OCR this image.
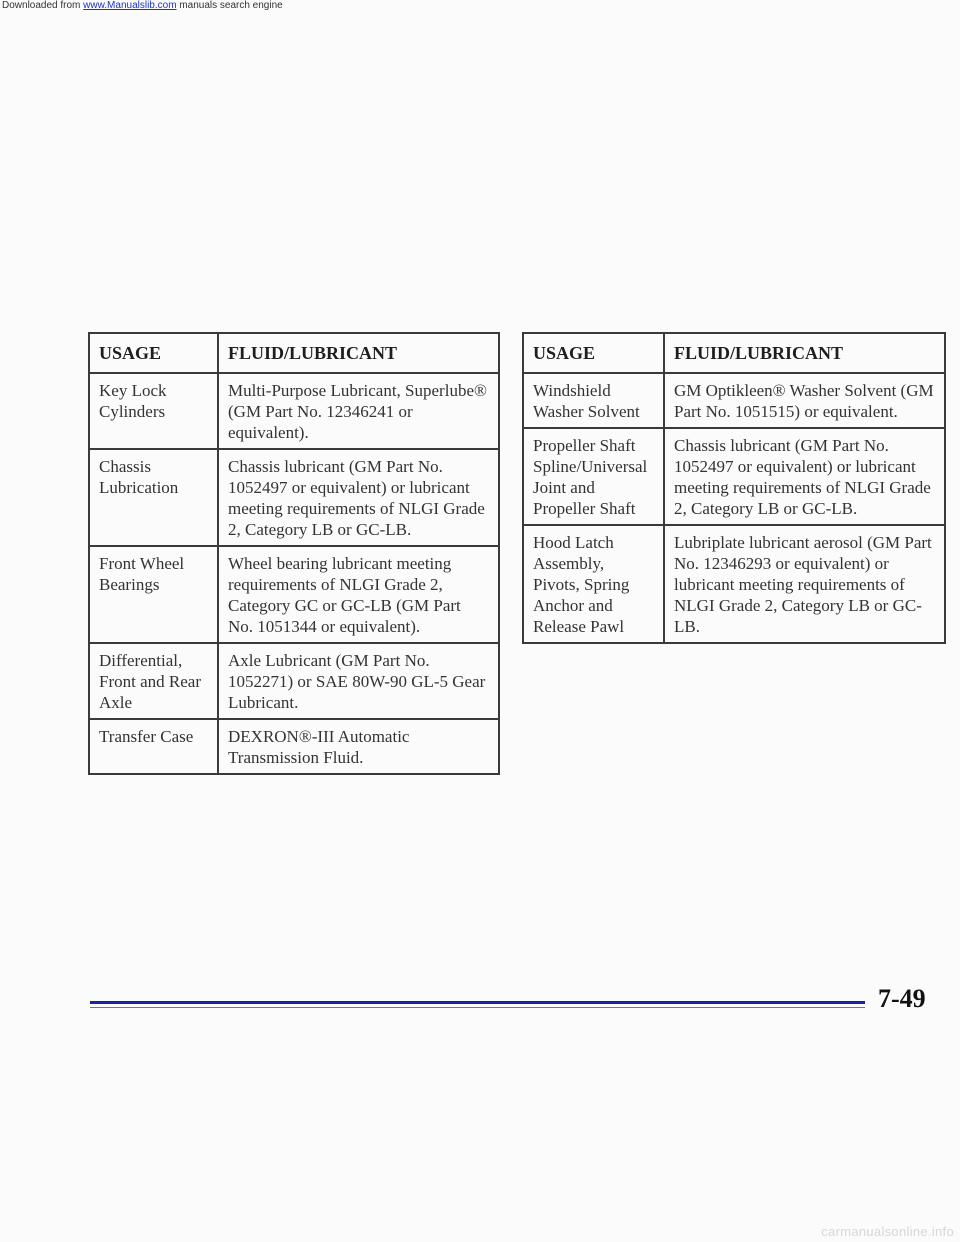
Downloaded from www.Manualslib.com manuals search engine
USAGE	FLUID/LUBRICANT
Key Lock Cylinders	Multi-Purpose Lubricant, Superlube® (GM Part No. 12346241 or equivalent).
Chassis Lubrication	Chassis lubricant (GM Part No. 1052497 or equivalent) or lubricant meeting requirements of NLGI Grade 2, Category LB or GC-LB.
Front Wheel Bearings	Wheel bearing lubricant meeting requirements of NLGI Grade 2, Category GC or GC-LB (GM Part No. 1051344 or equivalent).
Differential, Front and Rear Axle	Axle Lubricant (GM Part No. 1052271) or SAE 80W-90 GL-5 Gear Lubricant.
Transfer Case	DEXRON®-III Automatic Transmission Fluid.
USAGE	FLUID/LUBRICANT
Windshield Washer Solvent	GM Optikleen® Washer Solvent (GM Part No. 1051515) or equivalent.
Propeller Shaft Spline/Universal Joint and Propeller Shaft	Chassis lubricant (GM Part No. 1052497 or equivalent) or lubricant meeting requirements of NLGI Grade 2, Category LB or GC-LB.
Hood Latch Assembly, Pivots, Spring Anchor and Release Pawl	Lubriplate lubricant aerosol (GM Part No. 12346293 or equivalent) or lubricant meeting requirements of NLGI Grade 2, Category LB or GC-LB.
7-49
carmanualsonline.info
